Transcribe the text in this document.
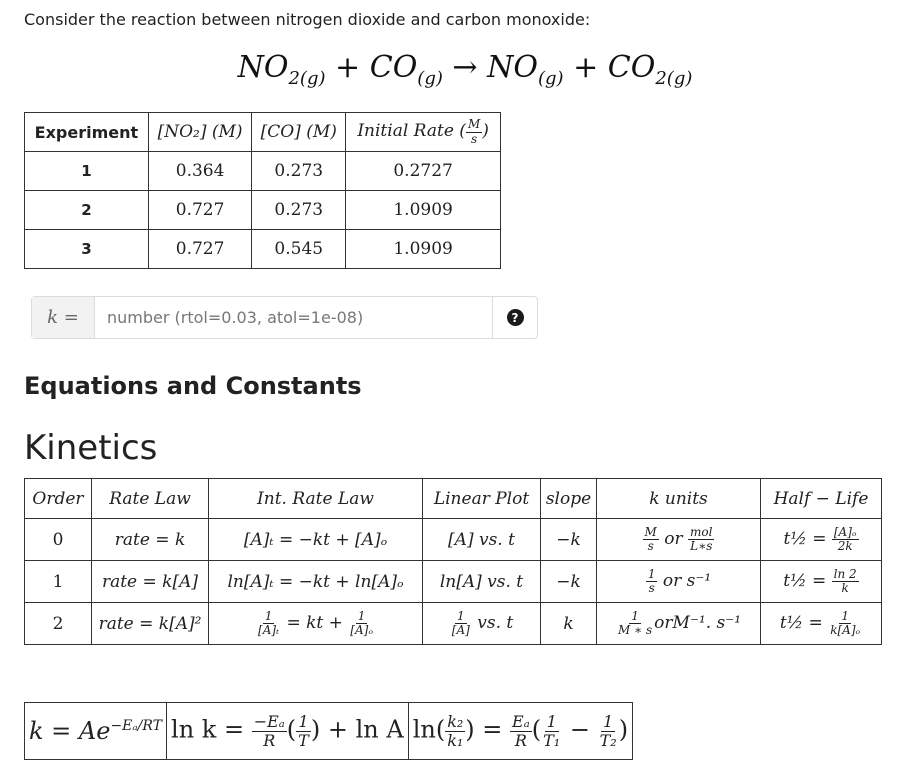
Consider the reaction between nitrogen dioxide and carbon monoxide:
$NO_{2(g)} + CO_{(g)} \to NO_{(g)} + CO_{2(g)}$
Experiment	[NO₂] (M)	[CO] (M)	Initial Rate ( $\frac{M}{s}$ )
1	0.364	0.273	0.2727
2	0.727	0.273	1.0909
3	0.727	0.545	1.0909
k =
number (rtol=0.03, atol=1e-08)	?
Equations and Constants
Kinetics
Order	Rate Law	Int. Rate Law	Linear Plot	slope	k units	Half − Life
0	rate = k	[A]ₜ = −kt + [A]ₒ	[A] vs. t	−k	$\frac{M}{s}$ or $\frac{\text{mol}}{L∗s}$	t½ = $\frac{\text{[A]ₒ}}{2k}$

1	rate = k[A]	ln[A]ₜ = −kt + ln[A]ₒ	ln[A] vs. t	−k	$\frac{1}{s}$ or s⁻¹	t½ = $\frac{\ln 2}{k}$

2	rate = k[A]²	$\frac{1}{\text{[A]ₜ}}$ = kt + $\frac{1}{\text{[A]ₒ}}$	$\frac{1}{[A]}$ vs. t	k	$\frac{1}{M ∗ s} orM^{-1}$. s⁻¹	t½ = $\frac{1}{\text{k[A]ₒ}}$
$k = Ae^{-E_a/RT}$	$\ln k = \frac{\text{−Eₐ}}{R}$ ( $\frac{1}{T}$ ) + ln A	$\ln( \frac{\text{k₂}}{\text{k₁}}$ ) = $\frac{\text{Eₐ}}{R}$ ( $\frac{1}{\text{T₁}} - \frac{1}{\text{T₂}}$ )
